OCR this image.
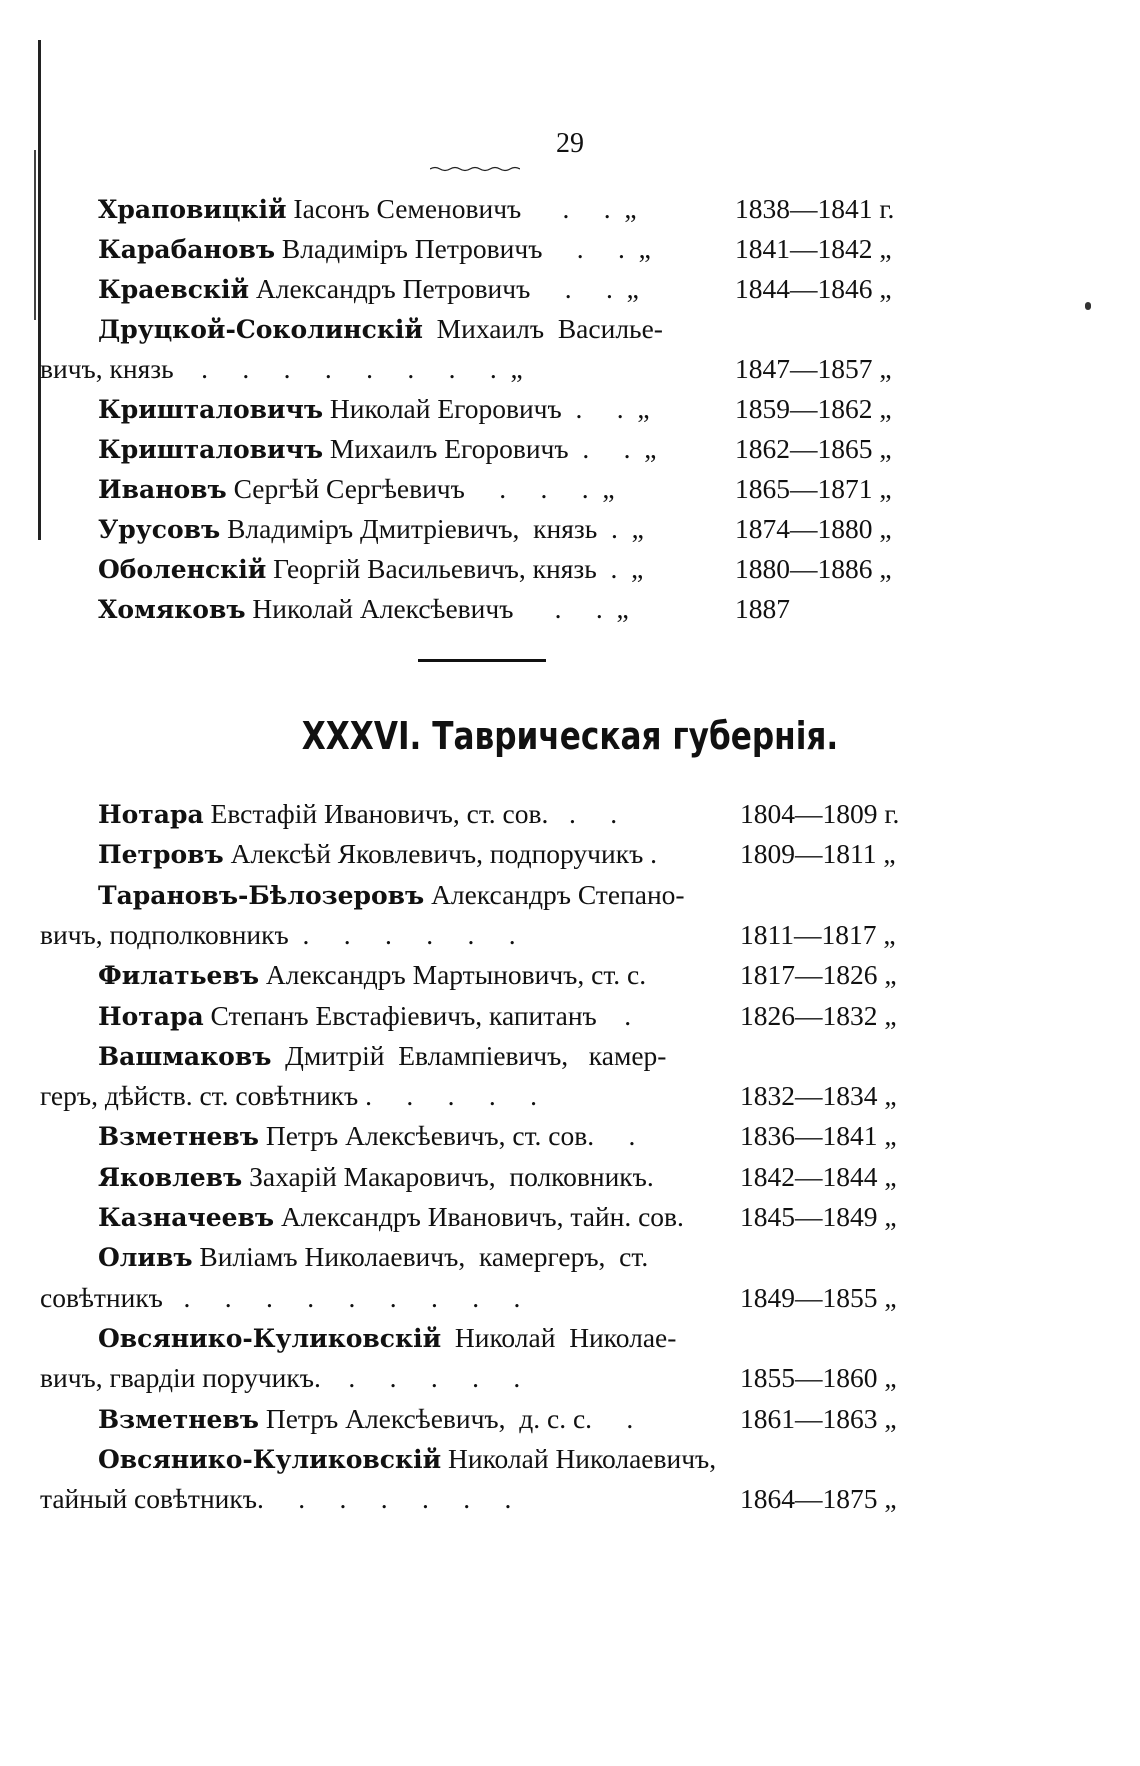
29
Храповицкій Іасонъ Семеновичъ      .     .  „	1838—1841 г.
Карабановъ Владиміръ Петровичъ     .     .  „	1841—1842 „
Краевскій Александръ Петровичъ     .     .  „	1844—1846 „
Друцкой-Соколинскій  Михаилъ  Василье-
вичъ, князь    .     .     .     .     .     .     .     .  „	1847—1857 „
Кришталовичъ Николай Егоровичъ  .     .  „	1859—1862 „
Кришталовичъ Михаилъ Егоровичъ  .     .  „	1862—1865 „
Ивановъ Сергѣй Сергѣевичъ     .     .     .  „	1865—1871 „
Урусовъ Владиміръ Дмитріевичъ,  князь  .  „	1874—1880 „
Оболенскій Георгій Васильевичъ, князь  .  „	1880—1886 „
Хомяковъ Николай Алексѣевичъ      .     .  „	1887
XXXVI. Таврическая губернія.
Нотара Евстафій Ивановичъ, ст. сов.   .     .	1804—1809 г.
Петровъ Алексѣй Яковлевичъ, подпоручикъ .	1809—1811 „
Тарановъ-Бѣлозеровъ Александръ Степано-
вичъ, подполковникъ  .     .     .     .     .     .	1811—1817 „
Филатьевъ Александръ Мартыновичъ, ст. с.	1817—1826 „
Нотара Степанъ Евстафіевичъ, капитанъ    .	1826—1832 „
Вашмаковъ  Дмитрій  Евлампіевичъ,   камер-
геръ, дѣйств. ст. совѣтникъ .     .     .     .     .	1832—1834 „
Взметневъ Петръ Алексѣевичъ, ст. сов.     .	1836—1841 „
Яковлевъ Захарій Макаровичъ,  полковникъ.	1842—1844 „
Казначеевъ Александръ Ивановичъ, тайн. сов. 1845—1849 „
Оливъ Виліамъ Николаевичъ,  камергеръ,  ст.
совѣтникъ   .     .     .     .     .     .     .     .     .	1849—1855 „
Овсянико-Куликовскій  Николай  Николае-
вичъ, гвардіи поручикъ.    .     .     .     .     .	1855—1860 „
Взметневъ Петръ Алексѣевичъ,  д. с. с.     .	1861—1863 „
Овсянико-Куликовскій Николай Николаевичъ,
тайный совѣтникъ.     .     .     .     .     .     .	1864—1875 „
